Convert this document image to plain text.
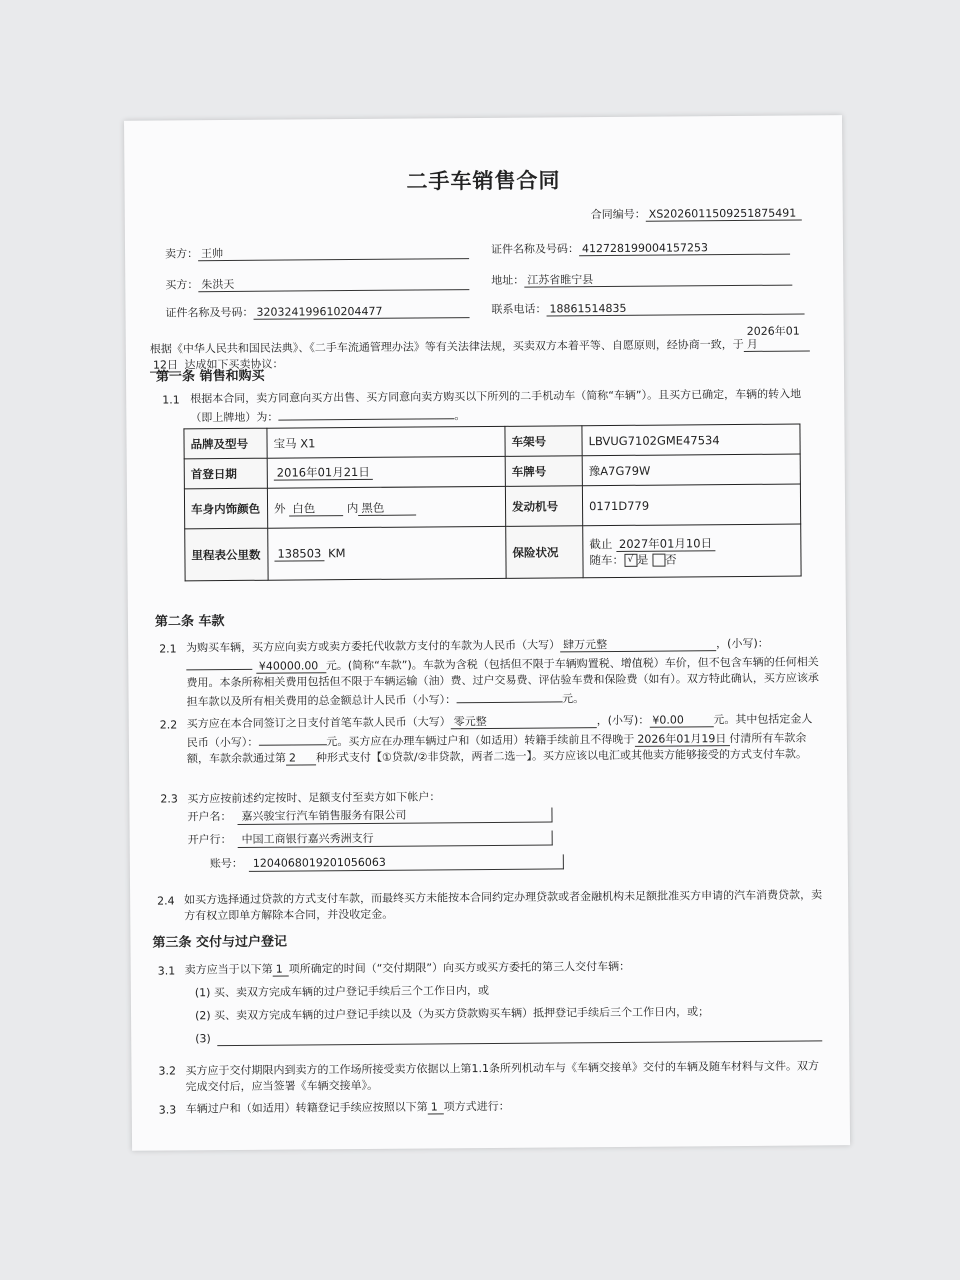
二手车销售合同
合同编号： XS2026011509251875491
卖方： 王帅	证件名称及号码： 412728199004157253
买方： 朱洪天	地址： 江苏省睢宁县
证件名称及号码： 320324199610204477	联系电话： 18861514835
根据《中华人民共和国民法典》、《二手车流通管理办法》等有关法律法规，买卖双方本着平等、自愿原则，经协商一致，于2026年01月12日 达成如下买卖协议：
第一条 销售和购买
1.1 根据本合同，卖方同意向买方出售、买方同意向卖方购买以下所列的二手机动车（简称“车辆”）。且买方已确定，车辆的转入地（即上牌地）为：	。
品牌及型号	宝马 X1	车架号	LBVUG7102GME47534
首登日期	2016年01月21日	车牌号	豫A7G79W
车身内饰颜色	外 白色 内 黑色	发动机号	0171D779
里程表公里数	138503 KM	保险状况	截止 2027年01月10日
随车： √ 是 否
第二条 车款
2.1 为购买车辆，买方应向卖方或卖方委托代收款方支付的车款为人民币（大写） 肆万元整	，(小写)： ¥40000.00 元。(简称“车款”)。车款为含税（包括但不限于车辆购置税、增值税）车价，但不包含车辆的任何相关费用。本条所称相关费用包括但不限于车辆运输（油）费、过户交易费、评估验车费和保险费（如有）。双方特此确认，买方应该承担车款以及所有相关费用的总金额总计人民币（小写）：	元。
2.2 买方应在本合同签订之日支付首笔车款人民币（大写） 零元整	，(小写)： ¥0.00	元。其中包括定金人民币（小写）：	元。买方应在办理车辆过户和（如适用）转籍手续前且不得晚于 2026年01月19日 付清所有车款余额，车款余款通过第 2 种形式支付【①贷款/②非贷款，两者二选一】。买方应该以电汇或其他卖方能够接受的方式支付车款。
2.3 买方应按前述约定按时、足额支付至卖方如下帐户：
开户名： 嘉兴骏宝行汽车销售服务有限公司
开户行： 中国工商银行嘉兴秀洲支行
账号： 1204068019201056063
2.4 如买方选择通过贷款的方式支付车款，而最终买方未能按本合同约定办理贷款或者金融机构未足额批准买方申请的汽车消费贷款，卖方有权立即单方解除本合同，并没收定金。
第三条 交付与过户登记
3.1 卖方应当于以下第 1 项所确定的时间（“交付期限”）向买方或买方委托的第三人交付车辆：
(1) 买、卖双方完成车辆的过户登记手续后三个工作日内，或
(2) 买、卖双方完成车辆的过户登记手续以及（为买方贷款购买车辆）抵押登记手续后三个工作日内，或；
(3)
3.2 买方应于交付期限内到卖方的工作场所接受卖方依据以上第1.1条所列机动车与《车辆交接单》交付的车辆及随车材料与文件。双方完成交付后，应当签署《车辆交接单》。
3.3 车辆过户和（如适用）转籍登记手续应按照以下第 1 项方式进行：
